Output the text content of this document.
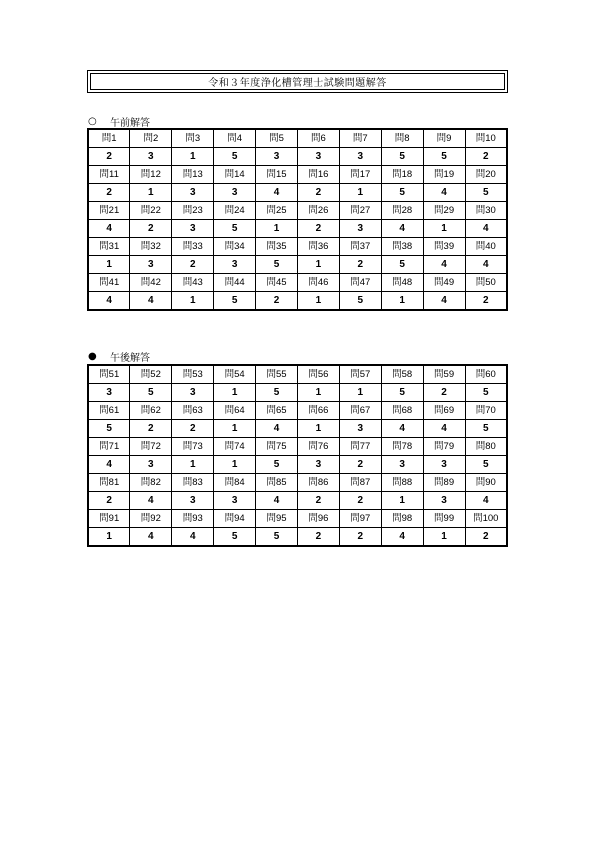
令和３年度浄化槽管理士試験問題解答
○	午前解答
問1	問2	問3	問4	問5	問6	問7	問8	問9	問10
2	3	1	5	3	3	3	5	5	2
問11	問12	問13	問14	問15	問16	問17	問18	問19	問20
2	1	3	3	4	2	1	5	4	5
問21	問22	問23	問24	問25	問26	問27	問28	問29	問30
4	2	3	5	1	2	3	4	1	4
問31	問32	問33	問34	問35	問36	問37	問38	問39	問40
1	3	2	3	5	1	2	5	4	4
問41	問42	問43	問44	問45	問46	問47	問48	問49	問50
4	4	1	5	2	1	5	1	4	2
●	午後解答
問51	問52	問53	問54	問55	問56	問57	問58	問59	問60
3	5	3	1	5	1	1	5	2	5
問61	問62	問63	問64	問65	問66	問67	問68	問69	問70
5	2	2	1	4	1	3	4	4	5
問71	問72	問73	問74	問75	問76	問77	問78	問79	問80
4	3	1	1	5	3	2	3	3	5
問81	問82	問83	問84	問85	問86	問87	問88	問89	問90
2	4	3	3	4	2	2	1	3	4
問91	問92	問93	問94	問95	問96	問97	問98	問99	問100
1	4	4	5	5	2	2	4	1	2
